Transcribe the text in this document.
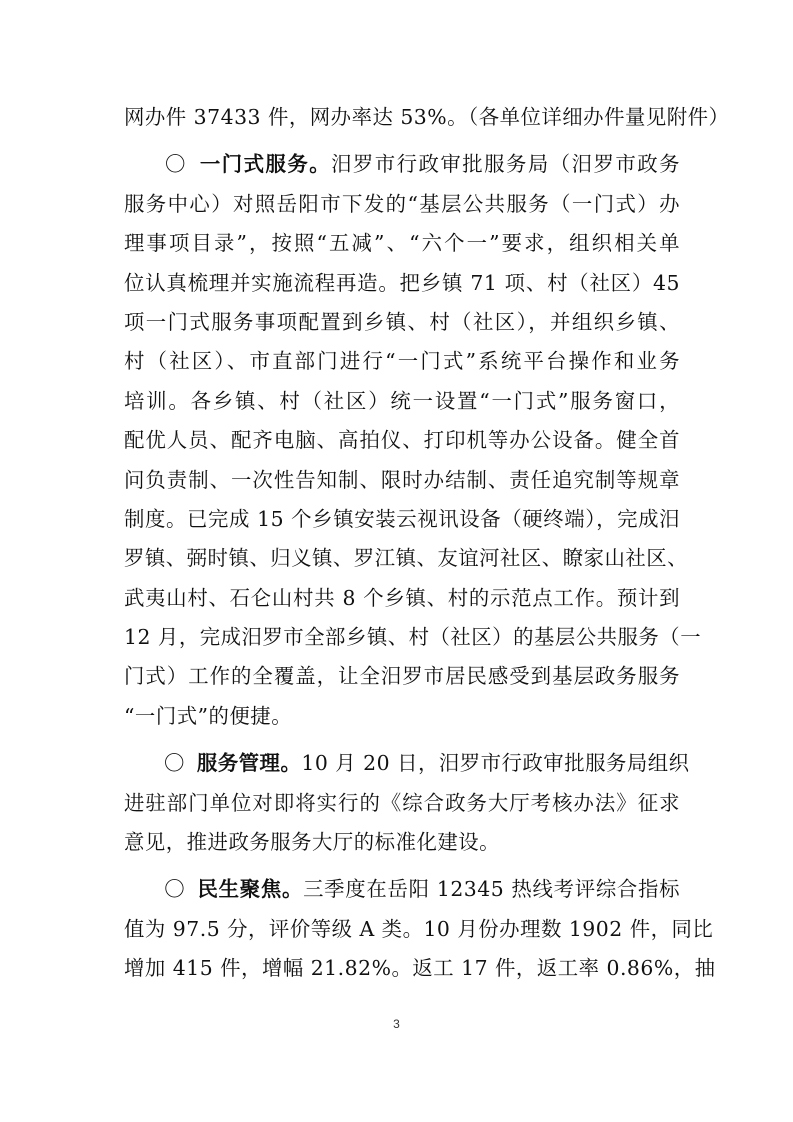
网办件 37433 件，网办率达 53%。（各单位详细办件量见附件）
〇 一门式服务。汨罗市行政审批服务局（汨罗市政务
服务中心）对照岳阳市下发的“基层公共服务（一门式）办
理事项目录”，按照“五减”、“六个一”要求，组织相关单
位认真梳理并实施流程再造。把乡镇 71 项、村（社区）45
项一门式服务事项配置到乡镇、村（社区），并组织乡镇、
村（社区）、市直部门进行“一门式”系统平台操作和业务
培训。各乡镇、村（社区）统一设置“一门式”服务窗口，
配优人员、配齐电脑、高拍仪、打印机等办公设备。健全首
问负责制、一次性告知制、限时办结制、责任追究制等规章
制度。已完成 15 个乡镇安装云视讯设备（硬终端），完成汨
罗镇、弼时镇、归义镇、罗江镇、友谊河社区、瞭家山社区、
武夷山村、石仑山村共 8 个乡镇、村的示范点工作。预计到
12 月，完成汨罗市全部乡镇、村（社区）的基层公共服务（一
门式）工作的全覆盖，让全汨罗市居民感受到基层政务服务
“一门式”的便捷。
〇 服务管理。10 月 20 日，汨罗市行政审批服务局组织
进驻部门单位对即将实行的《综合政务大厅考核办法》征求
意见，推进政务服务大厅的标准化建设。
〇 民生聚焦。三季度在岳阳 12345 热线考评综合指标
值为 97.5 分，评价等级 A 类。10 月份办理数 1902 件，同比
增加 415 件，增幅 21.82%。返工 17 件，返工率 0.86%，抽
3
